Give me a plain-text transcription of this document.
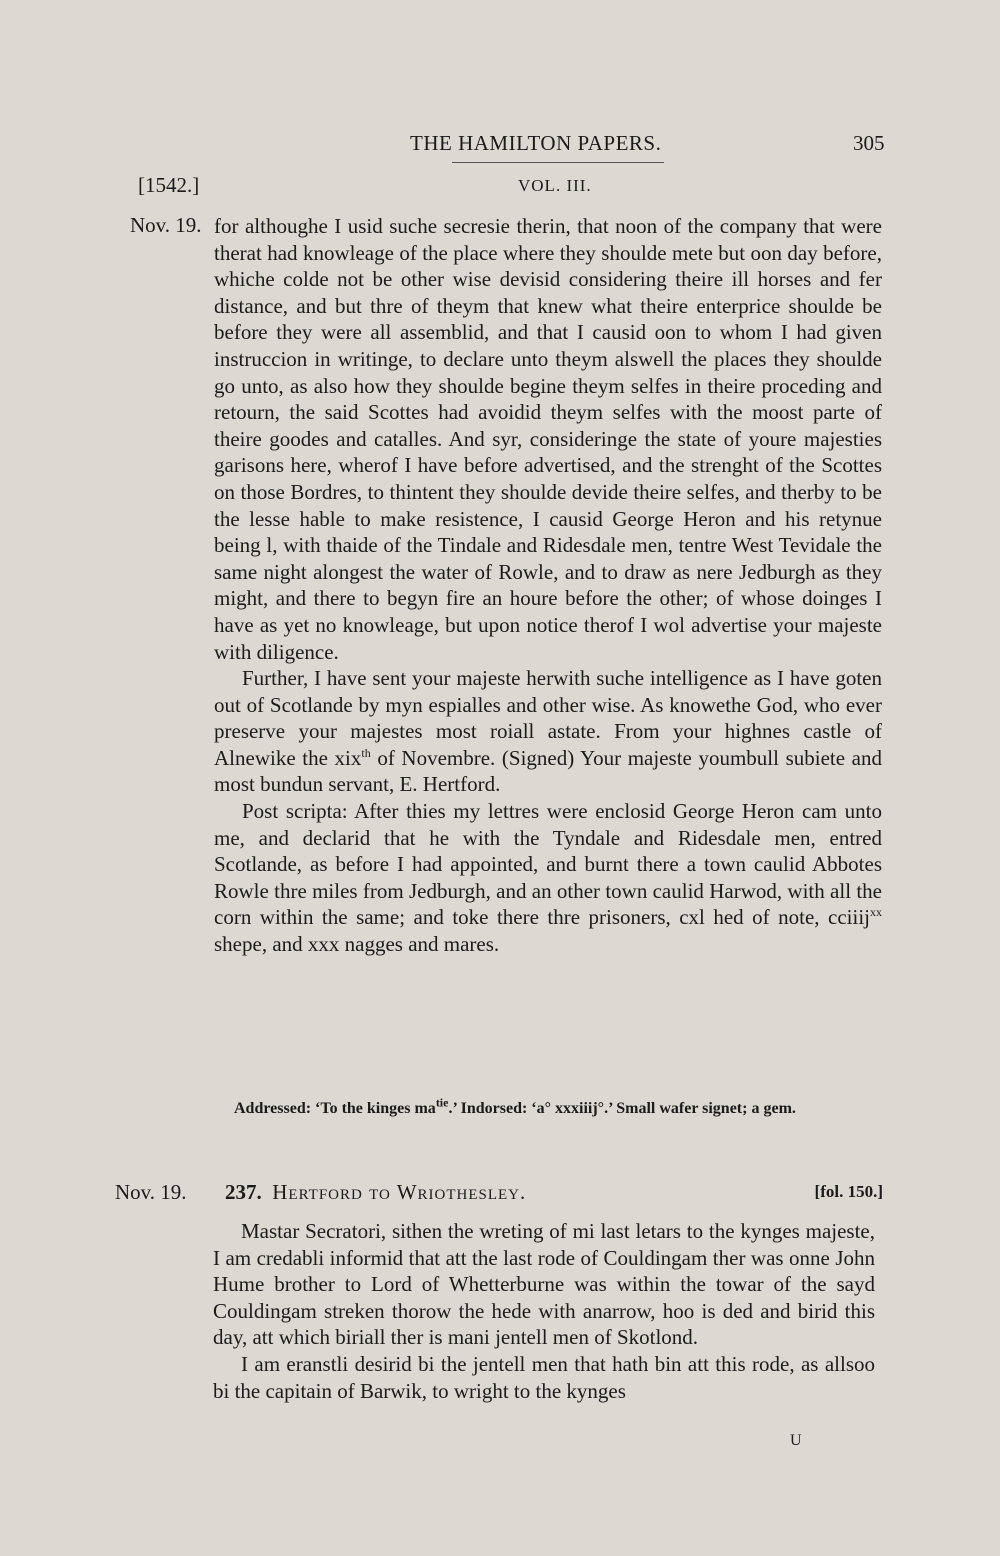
THE HAMILTON PAPERS.	305
[1542.]	VOL. III.
Nov. 19. for althoughe I usid suche secresie therin, that noon of the company that were therat had knowleage of the place where they shoulde mete but oon day before, whiche colde not be other wise devisid considering theire ill horses and fer distance, and but thre of theym that knew what theire enterprice shoulde be before they were all assemblid, and that I causid oon to whom I had given instruccion in writinge, to declare unto theym alswell the places they shoulde go unto, as also how they shoulde begine theym selfes in theire proceding and retourn, the said Scottes had avoidid theym selfes with the moost parte of theire goodes and catalles. And syr, consideringe the state of youre majesties garisons here, wherof I have before advertised, and the strenght of the Scottes on those Bordres, to thintent they shoulde devide theire selfes, and therby to be the lesse hable to make resistence, I causid George Heron and his retynue being l, with thaide of the Tindale and Ridesdale men, tentre West Tevidale the same night alongest the water of Rowle, and to draw as nere Jedburgh as they might, and there to begyn fire an houre before the other; of whose doinges I have as yet no knowleage, but upon notice therof I wol advertise your majeste with diligence.

Further, I have sent your majeste herwith suche intelligence as I have goten out of Scotlande by myn espialles and other wise. As knowethe God, who ever preserve your majestes most roiall astate. From your highnes castle of Alnewike the xix$^{th}$ of Novembre. (Signed) Your majeste youmbull subiete and most bundun servant, E. Hertford.

Post scripta: After thies my lettres were enclosid George Heron cam unto me, and declarid that he with the Tyndale and Ridesdale men, entred Scotlande, as before I had appointed, and burnt there a town caulid Abbotes Rowle thre miles from Jedburgh, and an other town caulid Harwod, with all the corn within the same; and toke there thre prisoners, cxl hed of note, cciiij$^{xx}$ shepe, and xxx nagges and mares.

Addressed: ‘To the kinges $ma^{tie}$.’ Indorsed: ‘a° xxxiiij°.’ Small wafer signet; a gem.
Nov. 19. 237. Hertford to Wriothesley.	[fol. 150.]

Mastar Secratori, sithen the wreting of mi last letars to the kynges majeste, I am credabli informid that att the last rode of Couldingam ther was onne John Hume brother to Lord of Whetterburne was within the towar of the sayd Couldingam streken thorow the hede with anarrow, hoo is ded and birid this day, att which biriall ther is mani jentell men of Skotlond.

I am eranstli desirid bi the jentell men that hath bin att this rode, as allsoo bi the capitain of Barwik, to wright to the kynges

U
